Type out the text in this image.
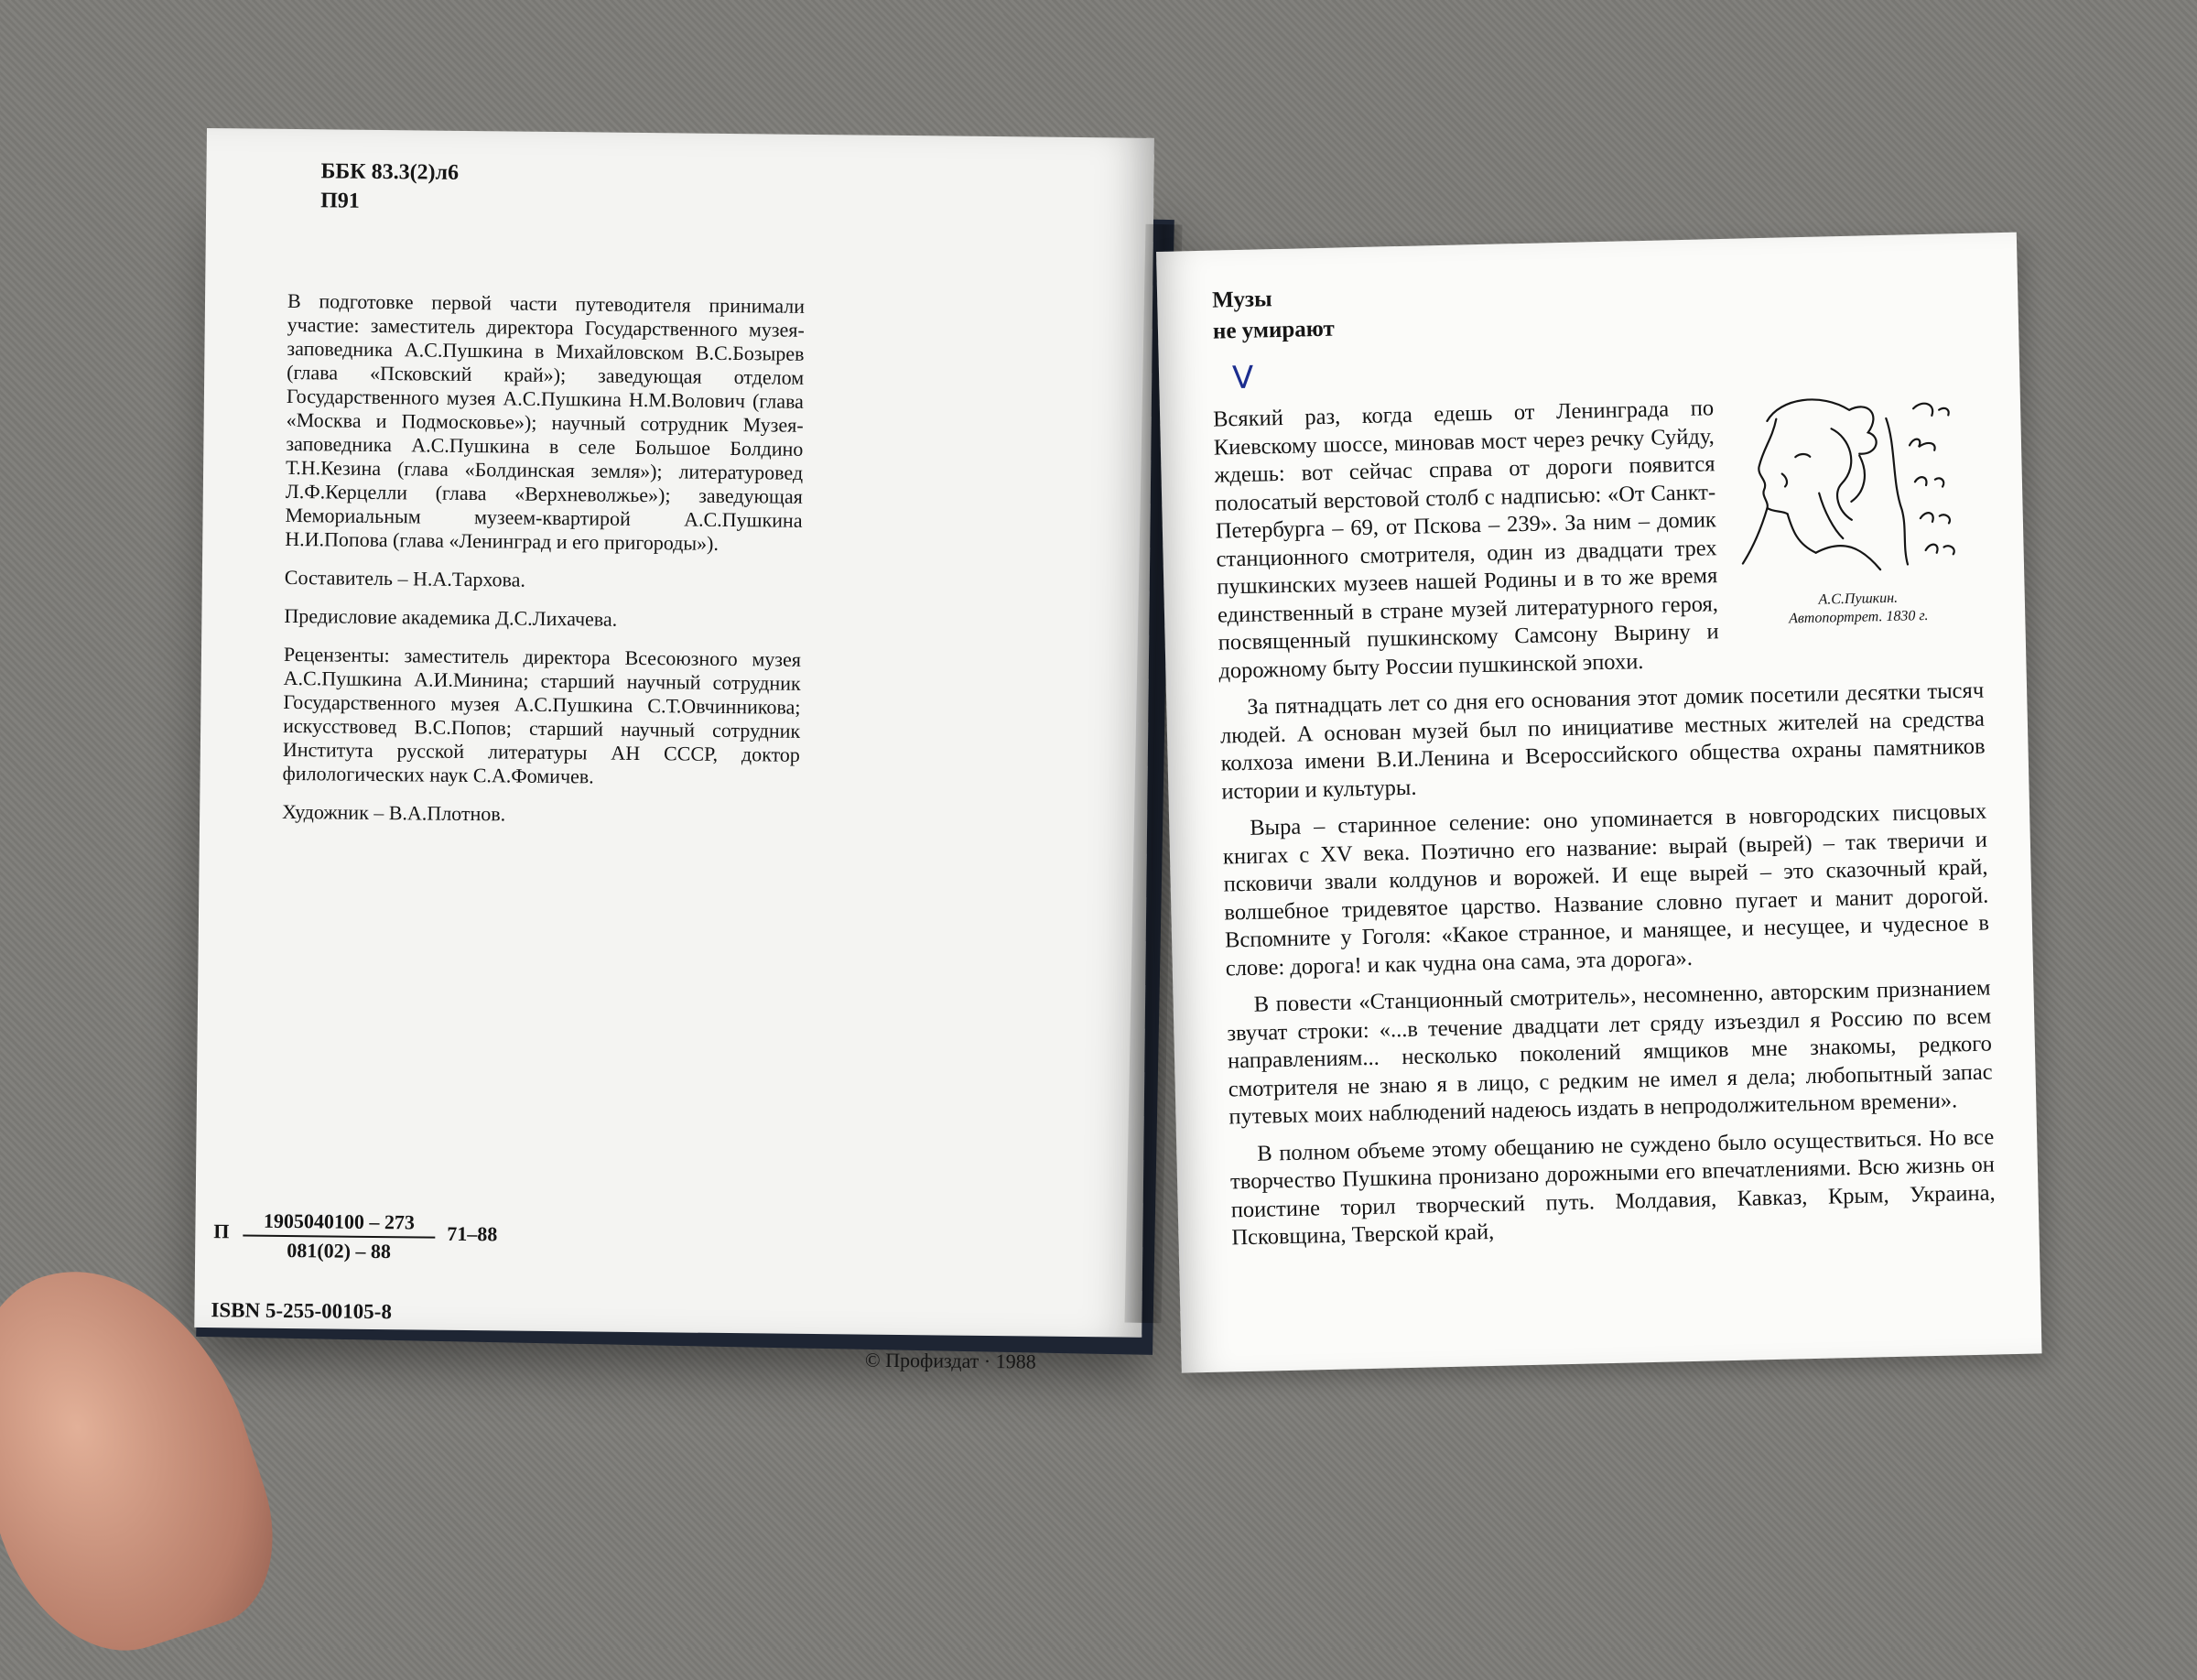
ББК 83.3(2)л6
П91

В подготовке первой части путеводителя принимали участие: заместитель директора Государственного музея-заповедника А.С.Пушкина в Михайловском В.С.Бозырев (глава «Псковский край»); заведующая отделом Государственного музея А.С.Пушкина Н.М.Волович (глава «Москва и Подмосковье»); научный сотрудник Музея-заповедника А.С.Пушкина в селе Большое Болдино Т.Н.Кезина (глава «Болдинская земля»); литературовед Л.Ф.Керцелли (глава «Верхневолжье»); заведующая Мемориальным музеем-квартирой А.С.Пушкина Н.И.Попова (глава «Ленинград и его пригороды»).

Составитель – Н.А.Тархова.

Предисловие академика Д.С.Лихачева.

Рецензенты: заместитель директора Всесоюзного музея А.С.Пушкина А.И.Минина; старший научный сотрудник Государственного музея А.С.Пушкина С.Т.Овчинникова; искусствовед В.С.Попов; старший научный сотрудник Института русской литературы АН СССР, доктор филологических наук С.А.Фомичев.

Художник – В.А.Плотнов.

П $\frac{1905040100 - 273}{081(02) - 88} 71-88$
ISBN 5-255-00105-8
© Профиздат · 1988
Музы
не умирают
V
А.С.Пушкин.
Автопортрет. 1830 г.

Всякий раз, когда едешь от Ленинграда по Киевскому шоссе, миновав мост через речку Суйду, ждешь: вот сейчас справа от дороги появится полосатый верстовой столб с надписью: «От Санкт-Петербурга – 69, от Пскова – 239». За ним – домик станционного смотрителя, один из двадцати трех пушкинских музеев нашей Родины и в то же время единственный в стране музей литературного героя, посвященный пушкинскому Самсону Вырину и дорожному быту России пушкинской эпохи.

За пятнадцать лет со дня его основания этот домик посетили десятки тысяч людей. А основан музей был по инициативе местных жителей на средства колхоза имени В.И.Ленина и Всероссийского общества охраны памятников истории и культуры.

Выра – старинное селение: оно упоминается в новгородских писцовых книгах с XV века. Поэтично его название: вырай (вырей) – так тверичи и псковичи звали колдунов и ворожей. И еще вырей – это сказочный край, волшебное тридевятое царство. Название словно пугает и манит дорогой. Вспомните у Гоголя: «Какое странное, и манящее, и несущее, и чудесное в слове: дорога! и как чудна она сама, эта дорога».

В повести «Станционный смотритель», несомненно, авторским признанием звучат строки: «...в течение двадцати лет сряду изъездил я Россию по всем направлениям... несколько поколений ямщиков мне знакомы, редкого смотрителя не знаю я в лицо, с редким не имел я дела; любопытный запас путевых моих наблюдений надеюсь издать в непродолжительном времени».

В полном объеме этому обещанию не суждено было осуществиться. Но все творчество Пушкина пронизано дорожными его впечатлениями. Всю жизнь он поистине торил творческий путь. Молдавия, Кавказ, Крым, Украина, Псковщина, Тверской край,
